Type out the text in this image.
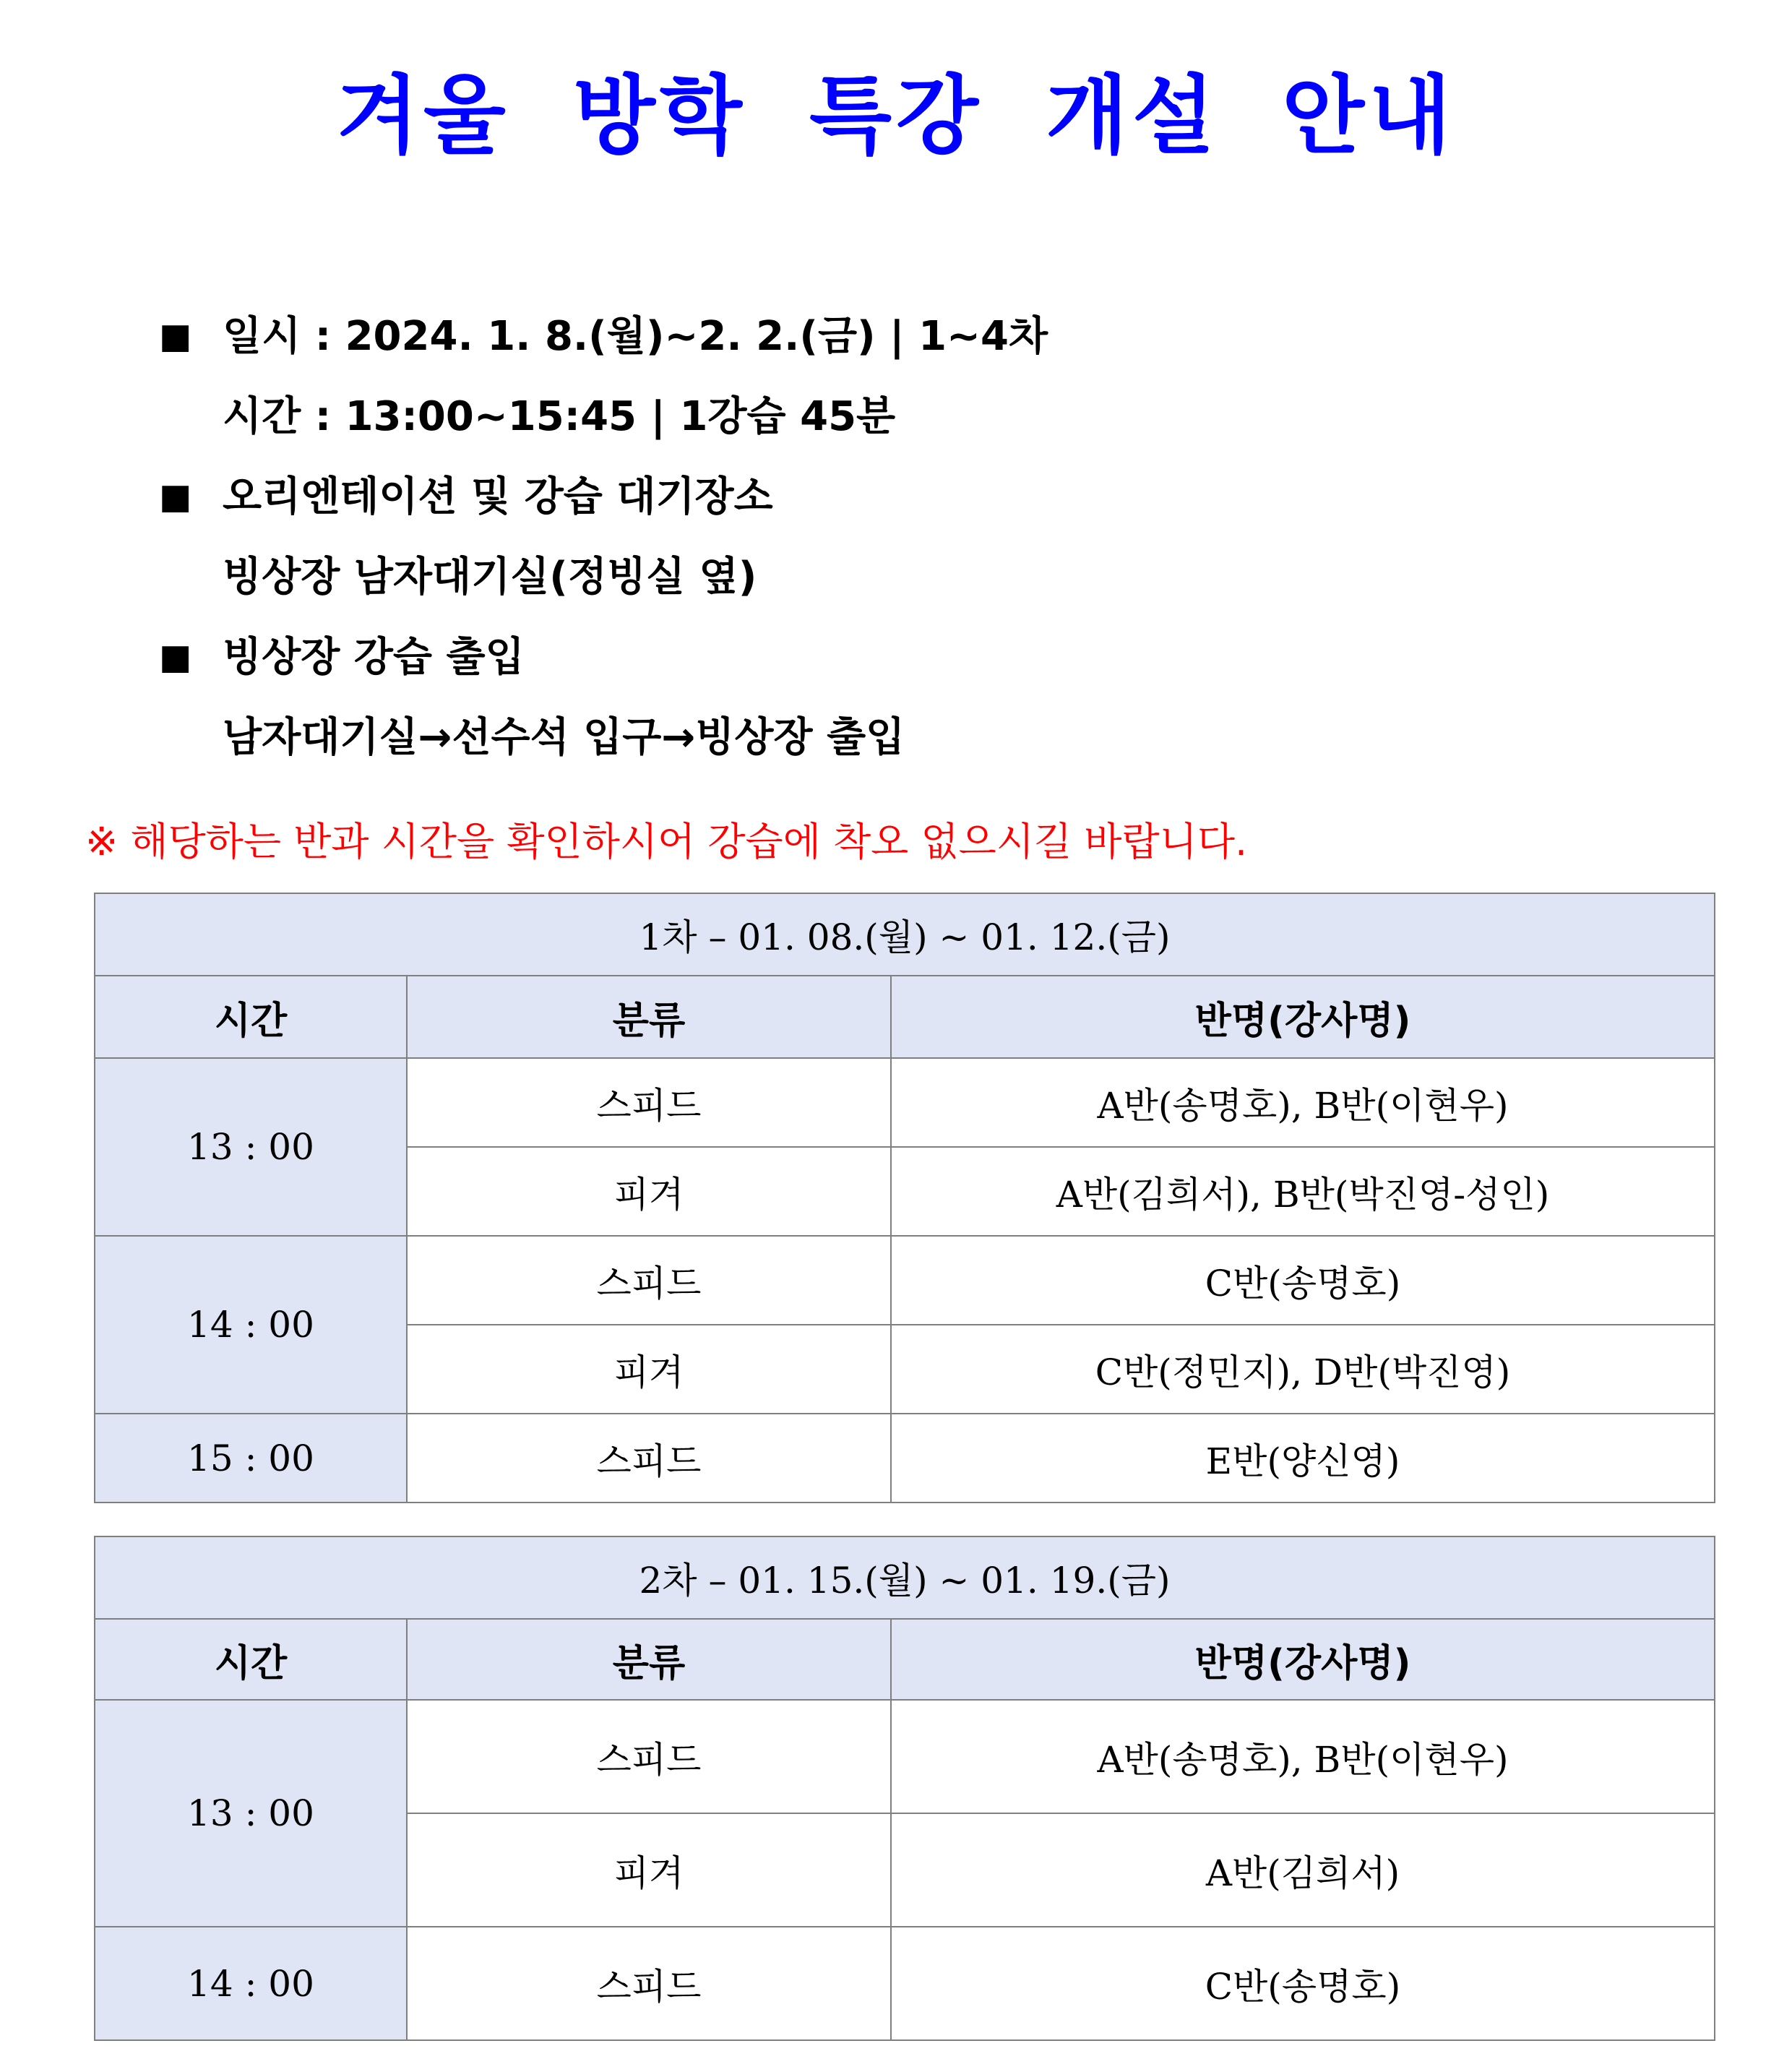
겨울 방학 특강 개설 안내
■ 일시 : 2024. 1. 8.(월)~2. 2.(금) | 1~4차
시간 : 13:00~15:45 | 1강습 45분
■ 오리엔테이션 및 강습 대기장소
빙상장 남자대기실(정빙실 옆)
■ 빙상장 강습 출입
남자대기실→선수석 입구→빙상장 출입
※ 해당하는 반과 시간을 확인하시어 강습에 착오 없으시길 바랍니다.
1차 – 01. 08.(월) ~ 01. 12.(금)		
시간	분류	반명(강사명)
13 : 00	스피드	A반(송명호), B반(이현우)
	피겨	A반(김희서), B반(박진영-성인)
14 : 00	스피드	C반(송명호)
	피겨	C반(정민지), D반(박진영)
15 : 00	스피드	E반(양신영)
2차 – 01. 15.(월) ~ 01. 19.(금)		
시간	분류	반명(강사명)
13 : 00	스피드	A반(송명호), B반(이현우)
	피겨	A반(김희서)
14 : 00	스피드	C반(송명호)
